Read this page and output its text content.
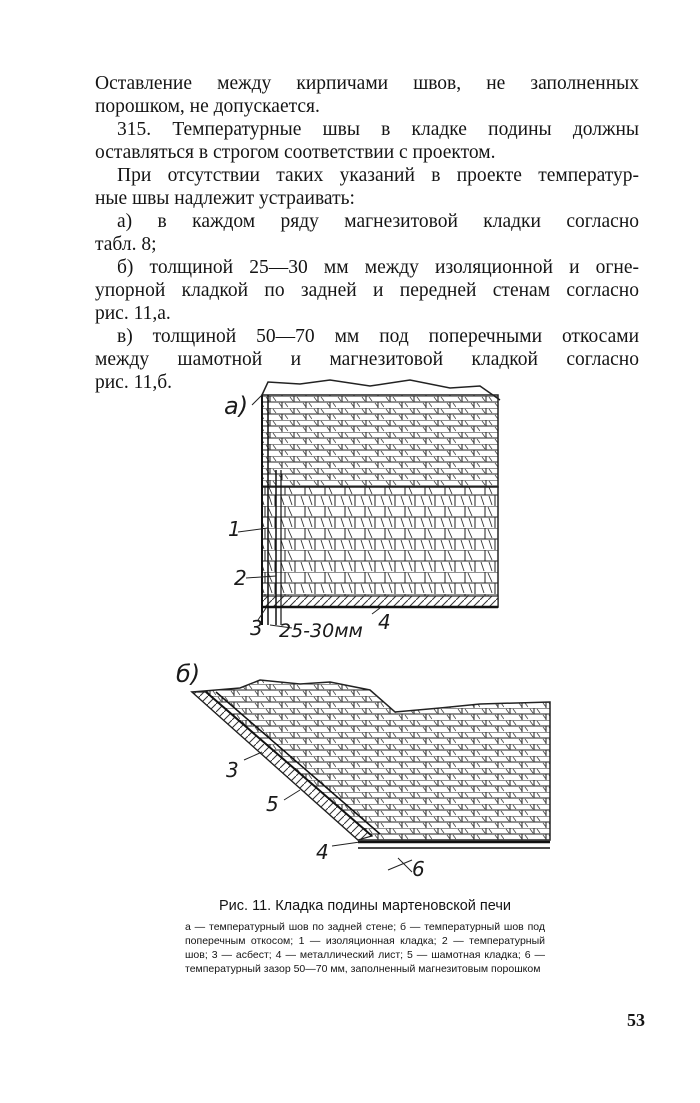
Оставление между кирпичами швов, не заполненных

порошком, не допускается.

315. Температурные швы в кладке подины должны

оставляться в строгом соответствии с проектом.

При отсутствии таких указаний в проекте температур-

ные швы надлежит устраивать:

а) в каждом ряду магнезитовой кладки согласно

табл. 8;

б) толщиной 25—30 мм между изоляционной и огне-

упорной кладкой по задней и передней стенам согласно

рис. 11,а.

в) толщиной 50—70 мм под поперечными откосами

между шамотной и магнезитовой кладкой согласно

рис. 11,б.

а)
1
2
3 25-30мм 4
б)
3
5
4
6

Рис. 11. Кладка подины мартеновской печи

а — температурный шов по задней стене; б — температурный шов под поперечным откосом; 1 — изоляционная кладка; 2 — температурный шов; 3 — асбест; 4 — металлический лист; 5 — шамотная кладка; 6 — температурный зазор 50—70 мм, заполненный магнезитовым порошком

53
